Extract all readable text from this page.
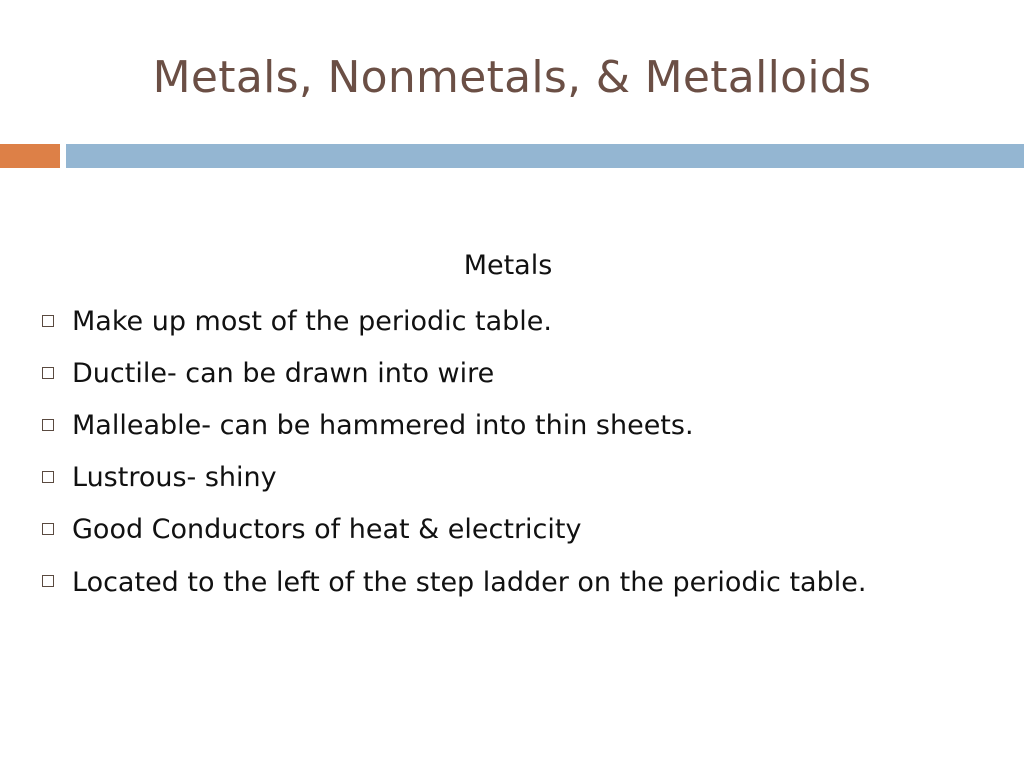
Metals, Nonmetals, & Metalloids
Metals
Make up most of the periodic table.
Ductile- can be drawn into wire
Malleable- can be hammered into thin sheets.
Lustrous- shiny
Good Conductors of heat & electricity
Located to the left of the step ladder on the periodic table.
